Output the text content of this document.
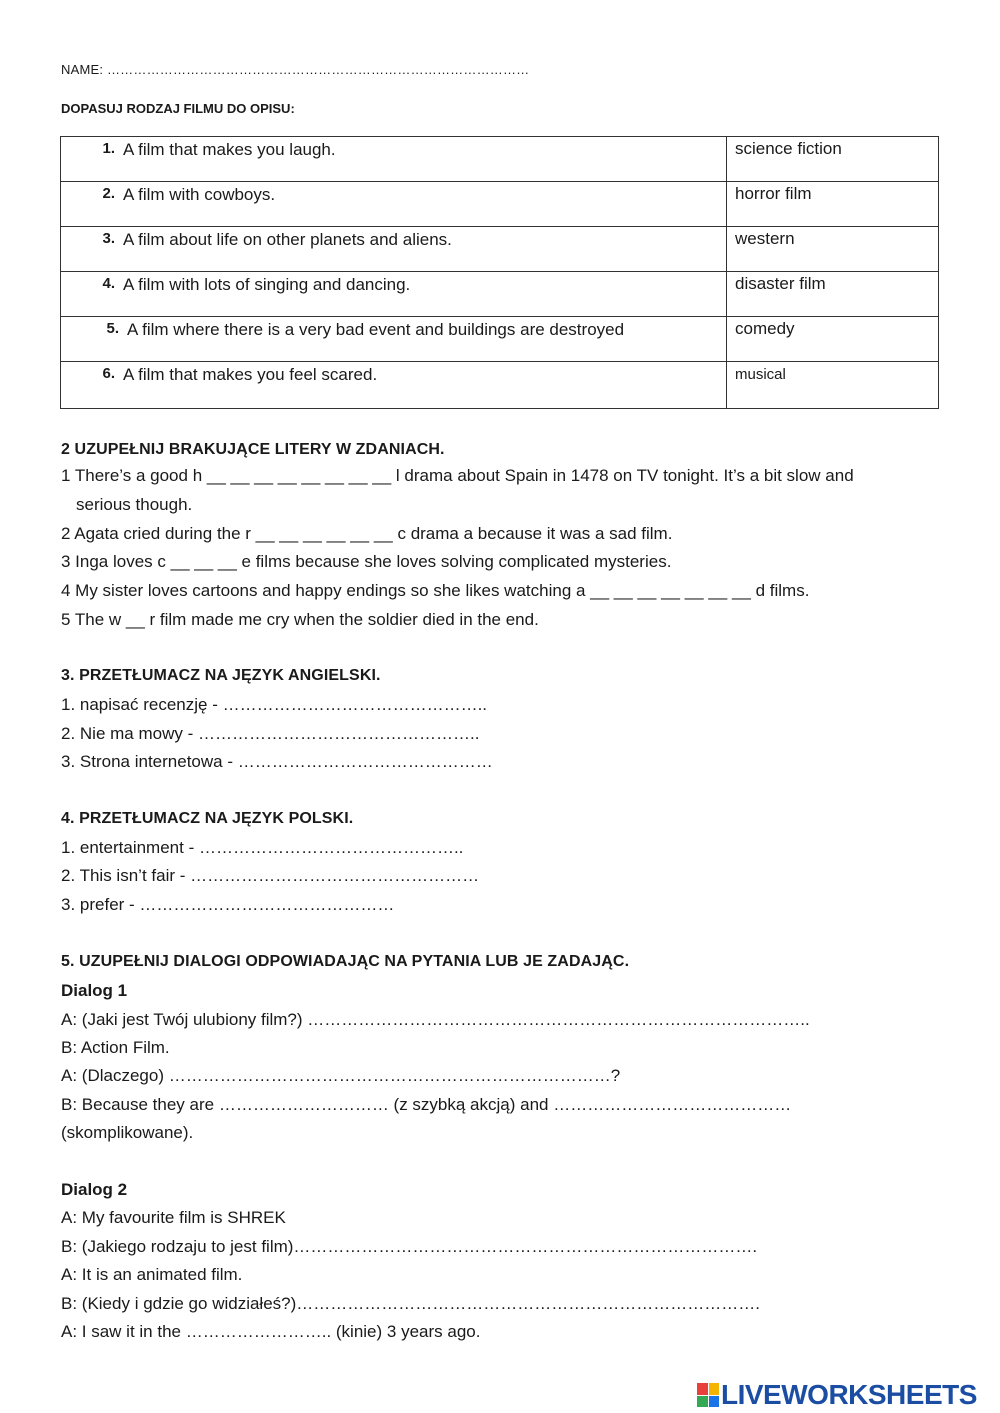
NAME: ……………………………………………………………………………………
DOPASUJ RODZAJ FILMU DO OPISU:
1. A film that makes you laugh.	science fiction

2. A film with cowboys.	horror film

3. A film about life on other planets and aliens.	western

4. A film with lots of singing and dancing.	disaster film

5. A film where there is a very bad event and buildings are destroyed	comedy

6. A film that makes you feel scared.	musical
2 UZUPEŁNIJ BRAKUJĄCE LITERY W ZDANIACH.
1 There’s a good h __ __ __ __ __ __ __ __ l drama about Spain in 1478 on TV tonight. It’s a bit slow and
serious though.
2 Agata cried during the r __ __ __ __ __ __ c drama a because it was a sad film.
3 Inga loves c __ __ __ e films because she loves solving complicated mysteries.
4 My sister loves cartoons and happy endings so she likes watching a __ __ __ __ __ __ __ d films.
5 The w __ r film made me cry when the soldier died in the end.
3. PRZETŁUMACZ NA JĘZYK ANGIELSKI.
1. napisać recenzję - ………………………………………..
2. Nie ma mowy - …………………………………………..
3. Strona internetowa - ………………………………………
4. PRZETŁUMACZ NA JĘZYK POLSKI.
1. entertainment - ………………………………………..
2. This isn’t fair - ……………………………………………
3. prefer - ………………………………………
5. UZUPEŁNIJ DIALOGI ODPOWIADAJĄC NA PYTANIA LUB JE ZADAJĄC.
Dialog 1
A: (Jaki jest Twój ulubiony film?) ……………………………………………………………………………..
B: Action Film.
A: (Dlaczego) ……………………………………………………………………?
B: Because they are ………………………… (z szybką akcją) and ……………………………………
(skomplikowane).
Dialog 2
A: My favourite film is SHREK
B: (Jakiego rodzaju to jest film)……………………………………………………………………….
A: It is an animated film.
B: (Kiedy i gdzie go widziałeś?)……………………………………………………………………….
A: I saw it in the …………………….. (kinie) 3 years ago.
LIVEWORKSHEETS
